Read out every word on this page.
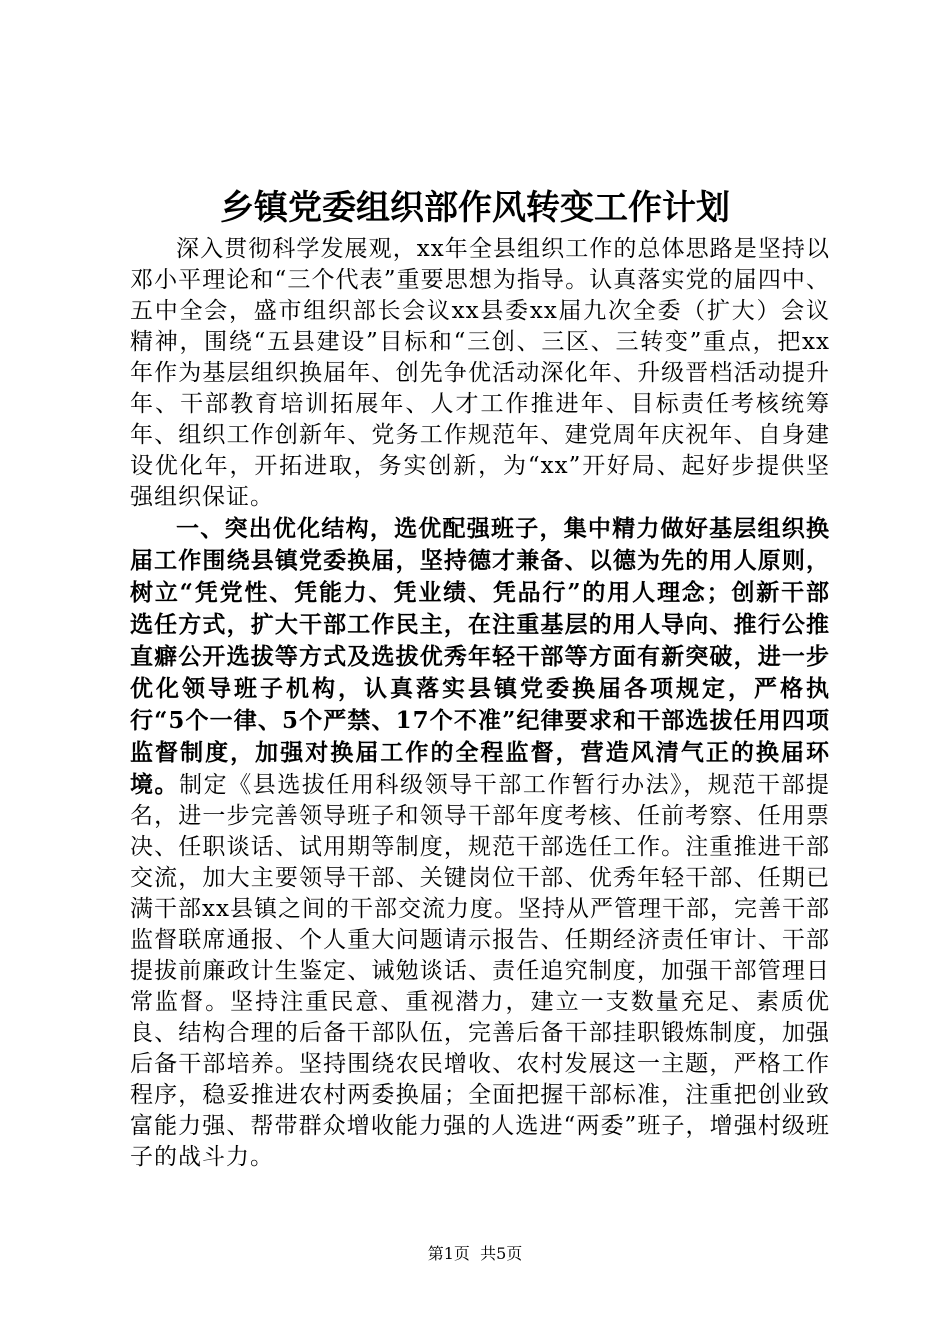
乡镇党委组织部作风转变工作计划

深入贯彻科学发展观，xx年全县组织工作的总体思路是坚持以邓小平理论和“三个代表”重要思想为指导。认真落实党的届四中、五中全会，盛市组织部长会议xx县委xx届九次全委（扩大）会议精神，围绕“五县建设”目标和“三创、三区、三转变”重点，把xx年作为基层组织换届年、创先争优活动深化年、升级晋档活动提升年、干部教育培训拓展年、人才工作推进年、目标责任考核统筹年、组织工作创新年、党务工作规范年、建党周年庆祝年、自身建设优化年，开拓进取，务实创新，为“xx”开好局、起好步提供坚强组织保证。

一、突出优化结构，选优配强班子，集中精力做好基层组织换届工作围绕县镇党委换届，坚持德才兼备、以德为先的用人原则，树立“凭党性、凭能力、凭业绩、凭品行”的用人理念；创新干部选任方式，扩大干部工作民主，在注重基层的用人导向、推行公推直癖公开选拔等方式及选拔优秀年轻干部等方面有新突破，进一步优化领导班子机构，认真落实县镇党委换届各项规定，严格执行“5个一律、5个严禁、17个不准”纪律要求和干部选拔任用四项监督制度，加强对换届工作的全程监督，营造风清气正的换届环境。制定《县选拔任用科级领导干部工作暂行办法》，规范干部提名，进一步完善领导班子和领导干部年度考核、任前考察、任用票决、任职谈话、试用期等制度，规范干部选任工作。注重推进干部交流，加大主要领导干部、关键岗位干部、优秀年轻干部、任期已满干部xx县镇之间的干部交流力度。坚持从严管理干部，完善干部监督联席通报、个人重大问题请示报告、任期经济责任审计、干部提拔前廉政计生鉴定、诫勉谈话、责任追究制度，加强干部管理日常监督。坚持注重民意、重视潜力，建立一支数量充足、素质优良、结构合理的后备干部队伍，完善后备干部挂职锻炼制度，加强后备干部培养。坚持围绕农民增收、农村发展这一主题，严格工作程序，稳妥推进农村两委换届；全面把握干部标准，注重把创业致富能力强、帮带群众增收能力强的人选进“两委”班子，增强村级班子的战斗力。

第1页 共5页
